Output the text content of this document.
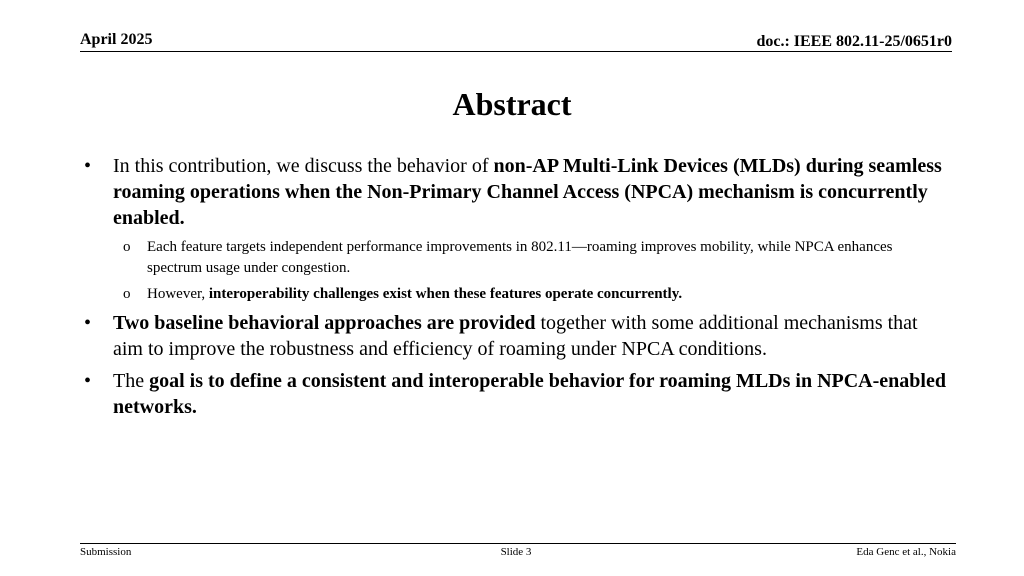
April 2025	doc.: IEEE 802.11-25/0651r0
Abstract
• In this contribution, we discuss the behavior of non-AP Multi-Link Devices (MLDs) during seamless roaming operations when the Non-Primary Channel Access (NPCA) mechanism is concurrently enabled.
o Each feature targets independent performance improvements in 802.11—roaming improves mobility, while NPCA enhances spectrum usage under congestion.
o However, interoperability challenges exist when these features operate concurrently.
• Two baseline behavioral approaches are provided together with some additional mechanisms that aim to improve the robustness and efficiency of roaming under NPCA conditions.
• The goal is to define a consistent and interoperable behavior for roaming MLDs in NPCA-enabled networks.
Submission	Slide 3	Eda Genc et al., Nokia
